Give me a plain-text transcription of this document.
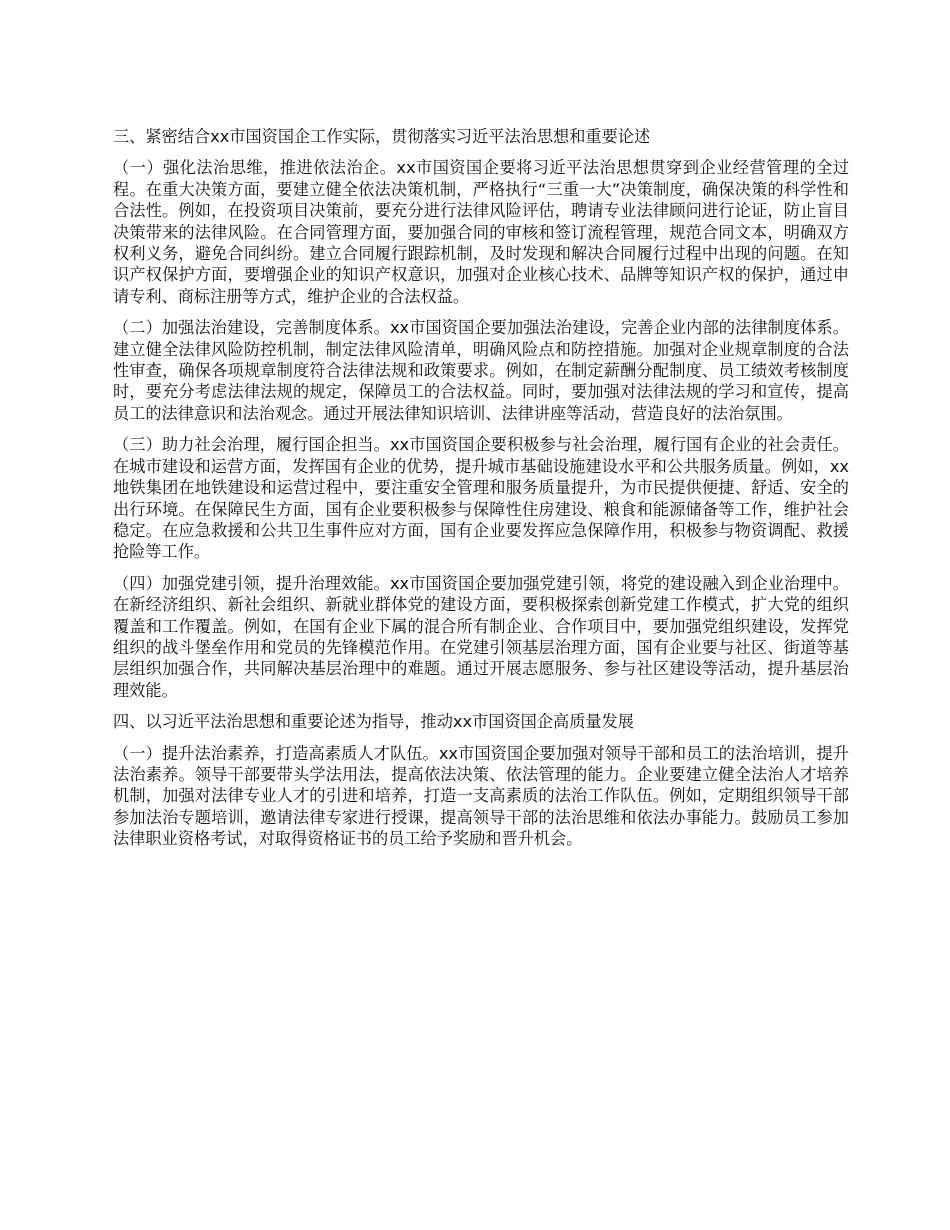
三、紧密结合xx市国资国企工作实际，贯彻落实习近平法治思想和重要论述
（一）强化法治思维，推进依法治企。xx市国资国企要将习近平法治思想贯穿到企业经营管理的全过程。在重大决策方面，要建立健全依法决策机制，严格执行“三重一大”决策制度，确保决策的科学性和合法性。例如，在投资项目决策前，要充分进行法律风险评估，聘请专业法律顾问进行论证，防止盲目决策带来的法律风险。在合同管理方面，要加强合同的审核和签订流程管理，规范合同文本，明确双方权利义务，避免合同纠纷。建立合同履行跟踪机制，及时发现和解决合同履行过程中出现的问题。在知识产权保护方面，要增强企业的知识产权意识，加强对企业核心技术、品牌等知识产权的保护，通过申请专利、商标注册等方式，维护企业的合法权益。
（二）加强法治建设，完善制度体系。xx市国资国企要加强法治建设，完善企业内部的法律制度体系。建立健全法律风险防控机制，制定法律风险清单，明确风险点和防控措施。加强对企业规章制度的合法性审查，确保各项规章制度符合法律法规和政策要求。例如，在制定薪酬分配制度、员工绩效考核制度时，要充分考虑法律法规的规定，保障员工的合法权益。同时，要加强对法律法规的学习和宣传，提高员工的法律意识和法治观念。通过开展法律知识培训、法律讲座等活动，营造良好的法治氛围。
（三）助力社会治理，履行国企担当。xx市国资国企要积极参与社会治理，履行国有企业的社会责任。在城市建设和运营方面，发挥国有企业的优势，提升城市基础设施建设水平和公共服务质量。例如，xx地铁集团在地铁建设和运营过程中，要注重安全管理和服务质量提升，为市民提供便捷、舒适、安全的出行环境。在保障民生方面，国有企业要积极参与保障性住房建设、粮食和能源储备等工作，维护社会稳定。在应急救援和公共卫生事件应对方面，国有企业要发挥应急保障作用，积极参与物资调配、救援抢险等工作。
（四）加强党建引领，提升治理效能。xx市国资国企要加强党建引领，将党的建设融入到企业治理中。在新经济组织、新社会组织、新就业群体党的建设方面，要积极探索创新党建工作模式，扩大党的组织覆盖和工作覆盖。例如，在国有企业下属的混合所有制企业、合作项目中，要加强党组织建设，发挥党组织的战斗堡垒作用和党员的先锋模范作用。在党建引领基层治理方面，国有企业要与社区、街道等基层组织加强合作，共同解决基层治理中的难题。通过开展志愿服务、参与社区建设等活动，提升基层治理效能。
四、以习近平法治思想和重要论述为指导，推动xx市国资国企高质量发展
（一）提升法治素养，打造高素质人才队伍。xx市国资国企要加强对领导干部和员工的法治培训，提升法治素养。领导干部要带头学法用法，提高依法决策、依法管理的能力。企业要建立健全法治人才培养机制，加强对法律专业人才的引进和培养，打造一支高素质的法治工作队伍。例如，定期组织领导干部参加法治专题培训，邀请法律专家进行授课，提高领导干部的法治思维和依法办事能力。鼓励员工参加法律职业资格考试，对取得资格证书的员工给予奖励和晋升机会。
